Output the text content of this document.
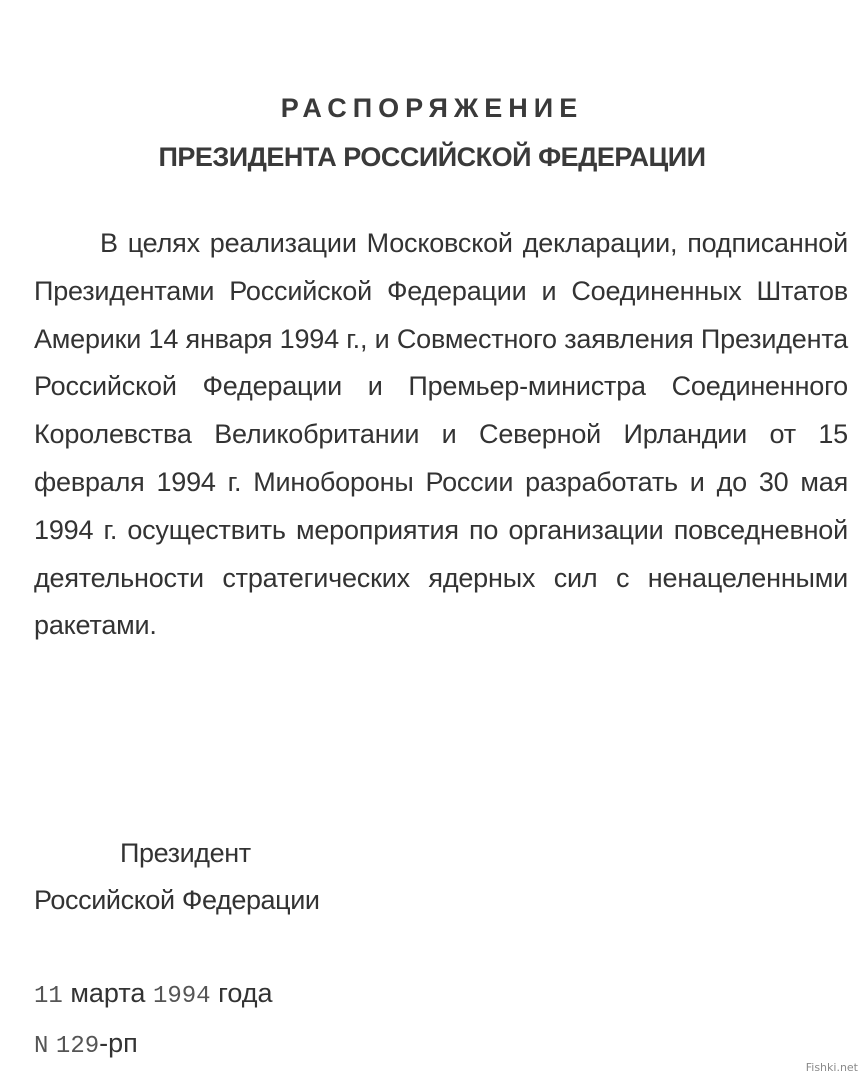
РАСПОРЯЖЕНИЕ
ПРЕЗИДЕНТА РОССИЙСКОЙ ФЕДЕРАЦИИ

В целях реализации Московской декларации, подписанной Президентами Российской Федерации и Соединенных Штатов Америки 14 января 1994 г., и Совместного заявления Президента Российской Федерации и Премьер-министра Соединенного Королевства Великобритании и Северной Ирландии от 15 февраля 1994 г. Минобороны России разработать и до 30 мая 1994 г. осуществить мероприятия по организации повседневной деятельности стратегических ядерных сил с ненацеленными ракетами.

Президент
Российской Федерации
11 марта 1994 года
N 129-рп
Fishki.net
